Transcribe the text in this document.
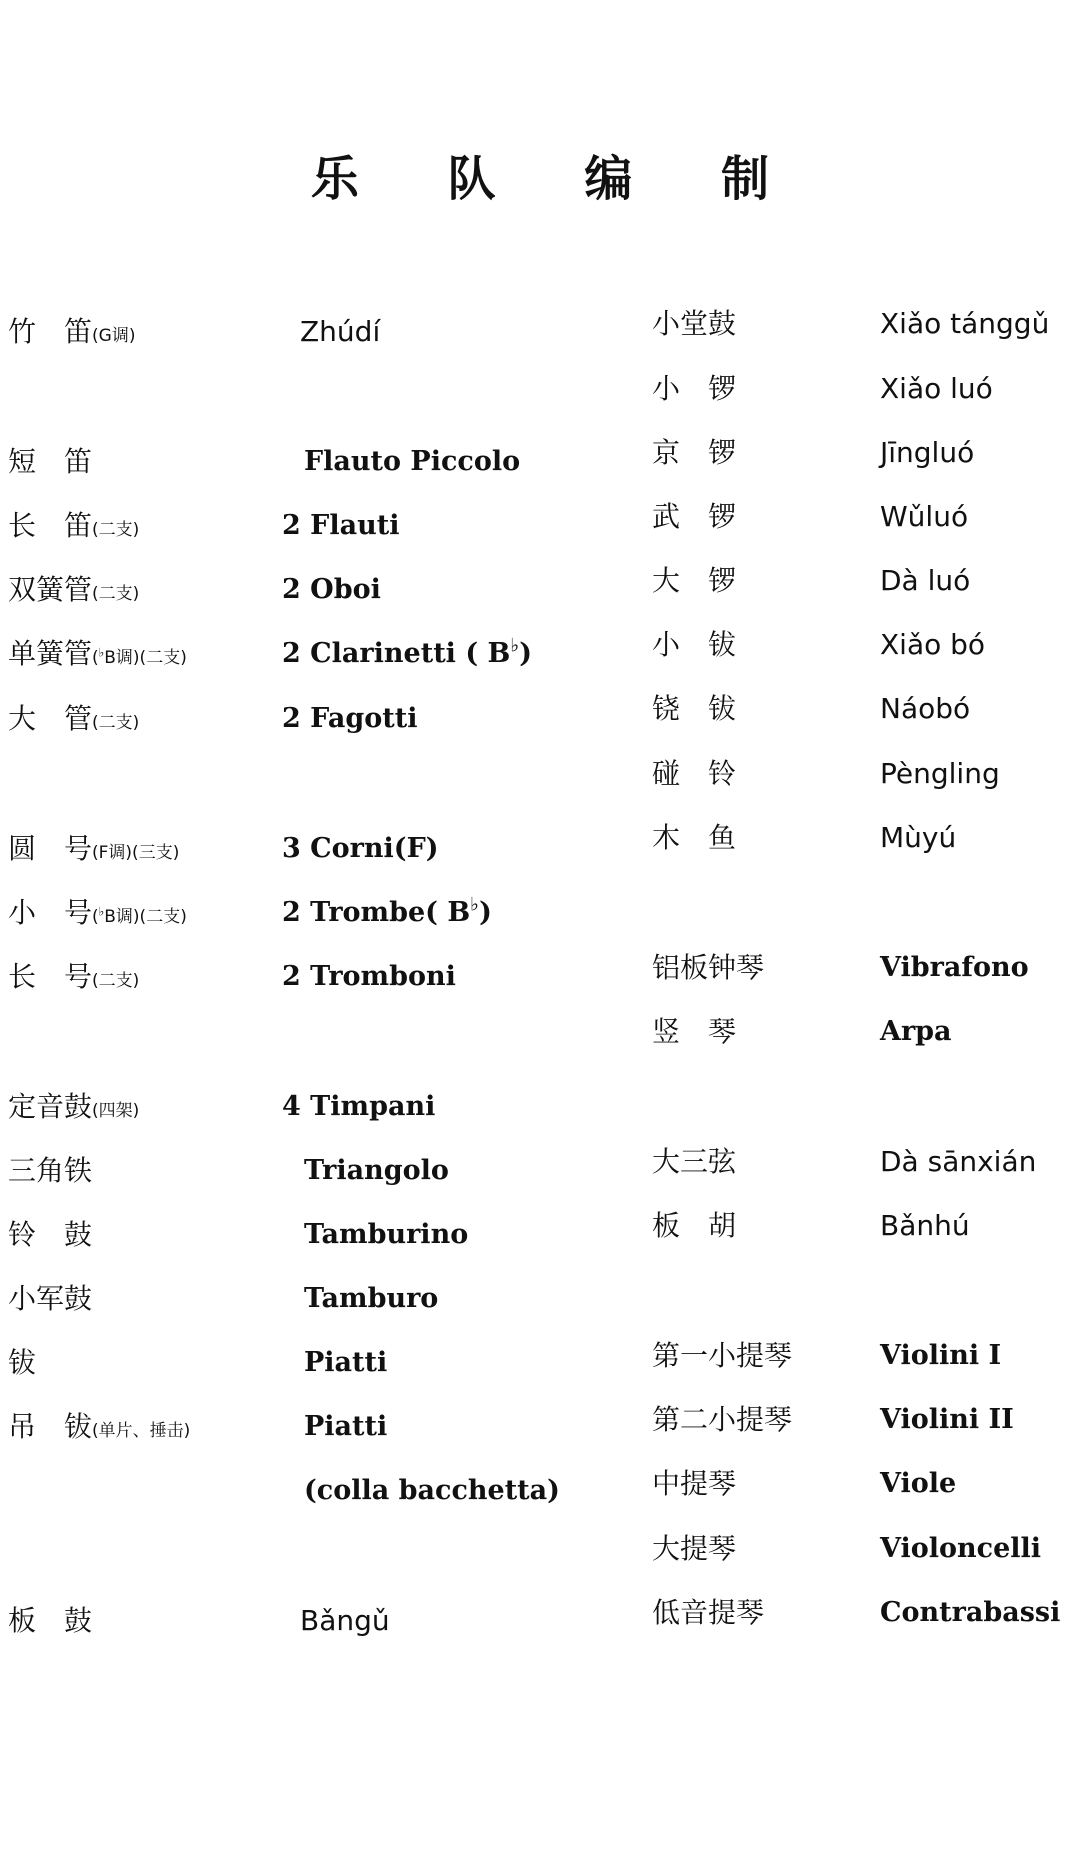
乐 队 编 制
竹　笛(G调)	Zhúdí
短　笛	Flauto Piccolo
长　笛(二支)	2 Flauti
双簧管(二支)	2 Oboi
单簧管(♭B调)(二支)	2 Clarinetti ( B♭)
大　管(二支)	2 Fagotti
圆　号(F调)(三支)	3 Corni(F)
小　号(♭B调)(二支)	2 Trombe( B♭)
长　号(二支)	2 Tromboni
定音鼓(四架)	4 Timpani
三角铁	Triangolo
铃　鼓	Tamburino
小军鼓	Tamburo
钹	Piatti
吊　钹(单片、捶击)	Piatti
(colla bacchetta)
板　鼓	Bǎngǔ
小堂鼓	Xiǎo tánggǔ
小　锣	Xiǎo luó
京　锣	Jīngluó
武　锣	Wǔluó
大　锣	Dà luó
小　钹	Xiǎo bó
铙　钹	Náobó
碰　铃	Pèngling
木　鱼	Mùyú
铝板钟琴	Vibrafono
竖　琴	Arpa
大三弦	Dà sānxián
板　胡	Bǎnhú
第一小提琴	Violini I
第二小提琴	Violini II
中提琴	Viole
大提琴	Violoncelli
低音提琴	Contrabassi
